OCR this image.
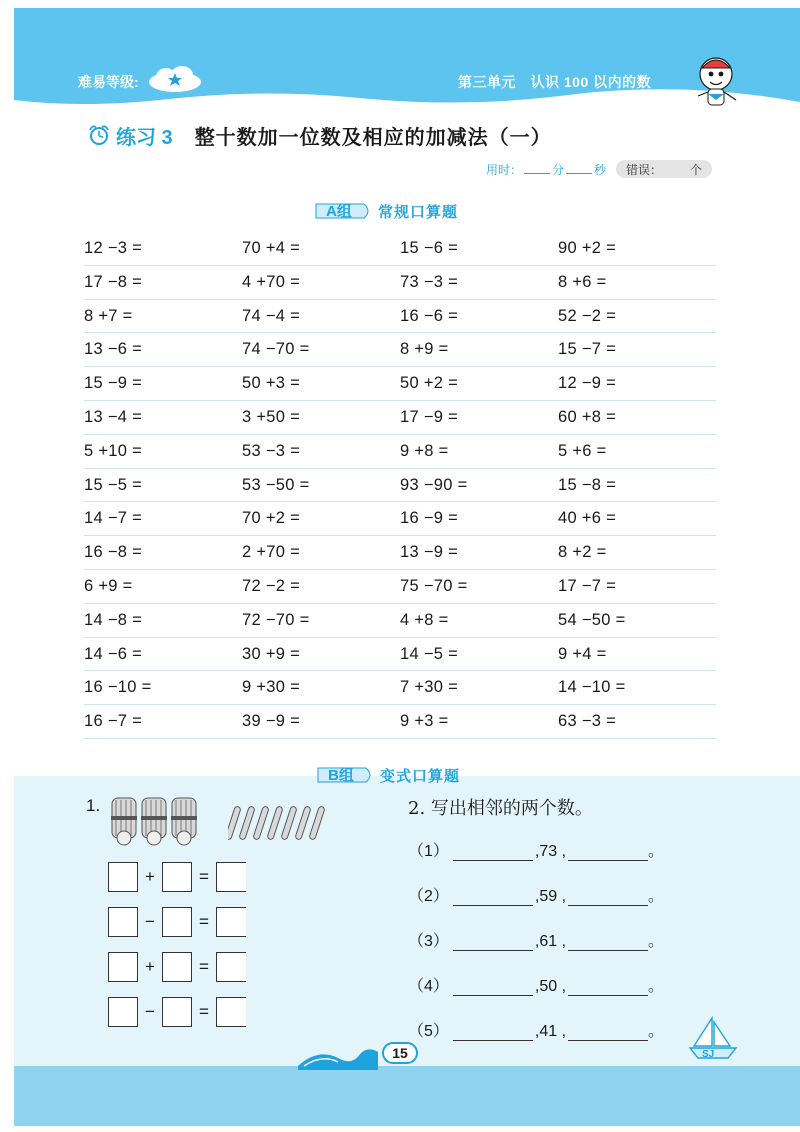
难易等级:	第三单元　认识 100 以内的数
练习 3 整十数加一位数及相应的加减法（一）
用时：	分	秒 错误： 个
A组 常规口算题
12 −3 =	70 +4 =	15 −6 =	90 +2 =
17 −8 =	4 +70 =	73 −3 =	8 +6 =
8 +7 =	74 −4 =	16 −6 =	52 −2 =
13 −6 =	74 −70 =	8 +9 =	15 −7 =
15 −9 =	50 +3 =	50 +2 =	12 −9 =
13 −4 =	3 +50 =	17 −9 =	60 +8 =
5 +10 =	53 −3 =	9 +8 =	5 +6 =
15 −5 =	53 −50 =	93 −90 =	15 −8 =
14 −7 =	70 +2 =	16 −9 =	40 +6 =
16 −8 =	2 +70 =	13 −9 =	8 +2 =
6 +9 =	72 −2 =	75 −70 =	17 −7 =
14 −8 =	72 −70 =	4 +8 =	54 −50 =
14 −6 =	30 +9 =	14 −5 =	9 +4 =
16 −10 =	9 +30 =	7 +30 =	14 −10 =
16 −7 =	39 −9 =	9 +3 =	63 −3 =
B组 变式口算题
1.
+	=
−	=
+	=
−	=
2. 写出相邻的两个数。
（1）	,73 ,	。
（2）	,59 ,	。
（3）	,61 ,	。
（4）	,50 ,	。
（5）	,41 ,	。
15	SJ
